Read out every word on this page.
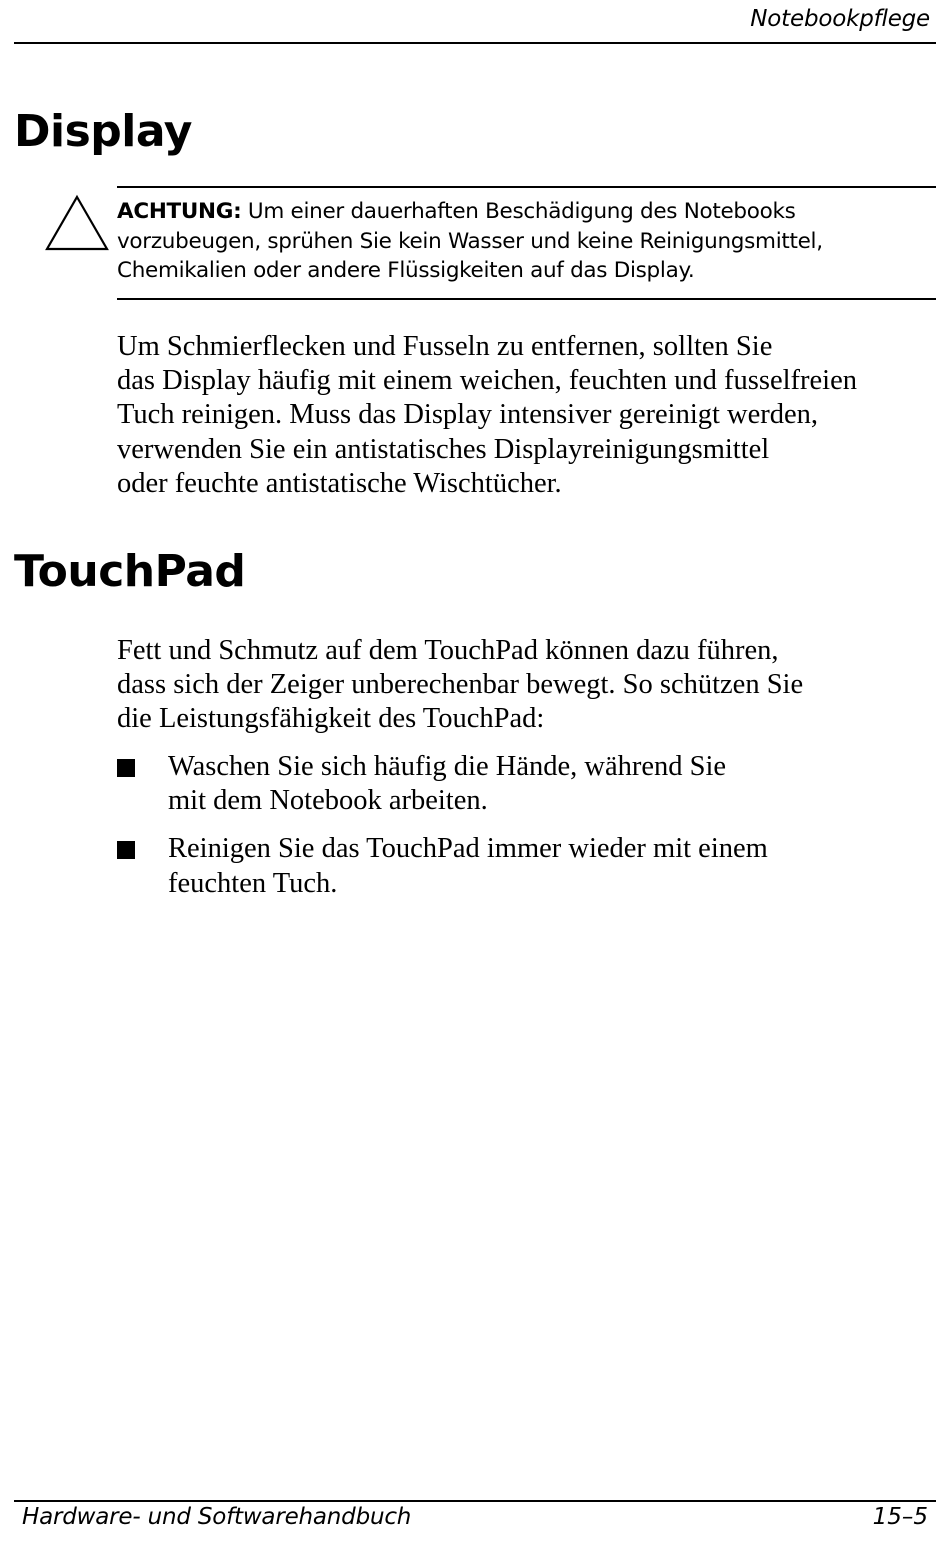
Notebookpflege
Display
ACHTUNG: Um einer dauerhaften Beschädigung des Notebooks
vorzubeugen, sprühen Sie kein Wasser und keine Reinigungsmittel,
Chemikalien oder andere Flüssigkeiten auf das Display.
Um Schmierflecken und Fusseln zu entfernen, sollten Sie
das Display häufig mit einem weichen, feuchten und fusselfreien
Tuch reinigen. Muss das Display intensiver gereinigt werden,
verwenden Sie ein antistatisches Displayreinigungsmittel
oder feuchte antistatische Wischtücher.
TouchPad
Fett und Schmutz auf dem TouchPad können dazu führen,
dass sich der Zeiger unberechenbar bewegt. So schützen Sie
die Leistungsfähigkeit des TouchPad:
Waschen Sie sich häufig die Hände, während Sie
mit dem Notebook arbeiten.
Reinigen Sie das TouchPad immer wieder mit einem
feuchten Tuch.
Hardware- und Softwarehandbuch	15–5
